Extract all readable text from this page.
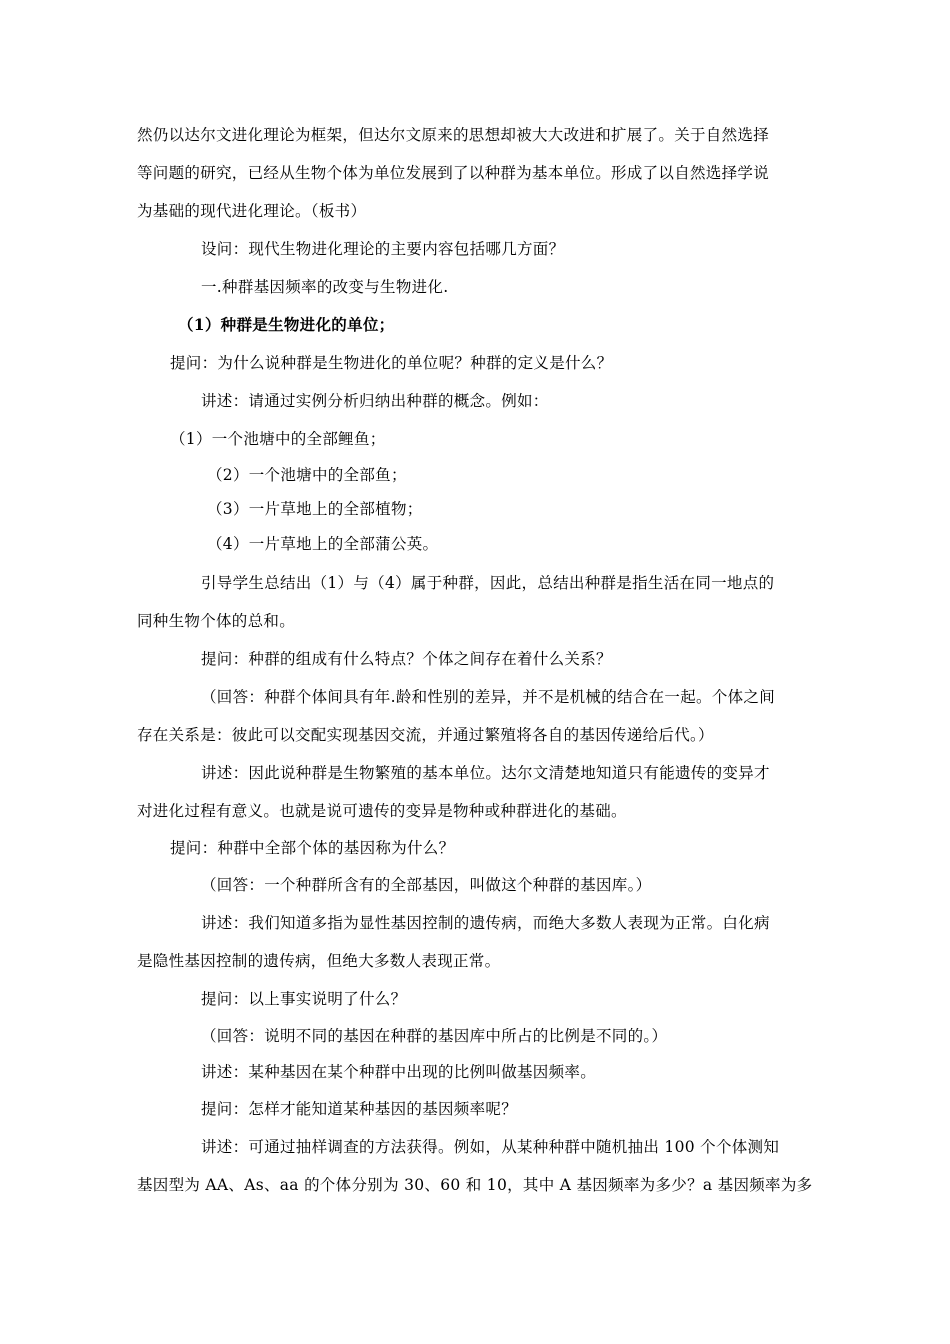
然仍以达尔文进化理论为框架，但达尔文原来的思想却被大大改进和扩展了。关于自然选择
等问题的研究，已经从生物个体为单位发展到了以种群为基本单位。形成了以自然选择学说
为基础的现代进化理论。（板书）
设问：现代生物进化理论的主要内容包括哪几方面？
一.种群基因频率的改变与生物进化.
（1）种群是生物进化的单位；
提问：为什么说种群是生物进化的单位呢？种群的定义是什么？
讲述：请通过实例分析归纳出种群的概念。例如：
（1）一个池塘中的全部鲤鱼；
（2）一个池塘中的全部鱼；
（3）一片草地上的全部植物；
（4）一片草地上的全部蒲公英。
引导学生总结出（1）与（4）属于种群，因此，总结出种群是指生活在同一地点的
同种生物个体的总和。
提问：种群的组成有什么特点？个体之间存在着什么关系？
（回答：种群个体间具有年.龄和性别的差异，并不是机械的结合在一起。个体之间
存在关系是：彼此可以交配实现基因交流，并通过繁殖将各自的基因传递给后代。）
讲述：因此说种群是生物繁殖的基本单位。达尔文清楚地知道只有能遗传的变异才
对进化过程有意义。也就是说可遗传的变异是物种或种群进化的基础。
提问：种群中全部个体的基因称为什么？
（回答：一个种群所含有的全部基因，叫做这个种群的基因库。）
讲述：我们知道多指为显性基因控制的遗传病，而绝大多数人表现为正常。白化病
是隐性基因控制的遗传病，但绝大多数人表现正常。
提问：以上事实说明了什么？
（回答：说明不同的基因在种群的基因库中所占的比例是不同的。）
讲述：某种基因在某个种群中出现的比例叫做基因频率。
提问：怎样才能知道某种基因的基因频率呢？
讲述：可通过抽样调查的方法获得。例如，从某种种群中随机抽出 100 个个体测知
基因型为 AA、As、aa 的个体分别为 30、60 和 10，其中 A 基因频率为多少？a 基因频率为多
